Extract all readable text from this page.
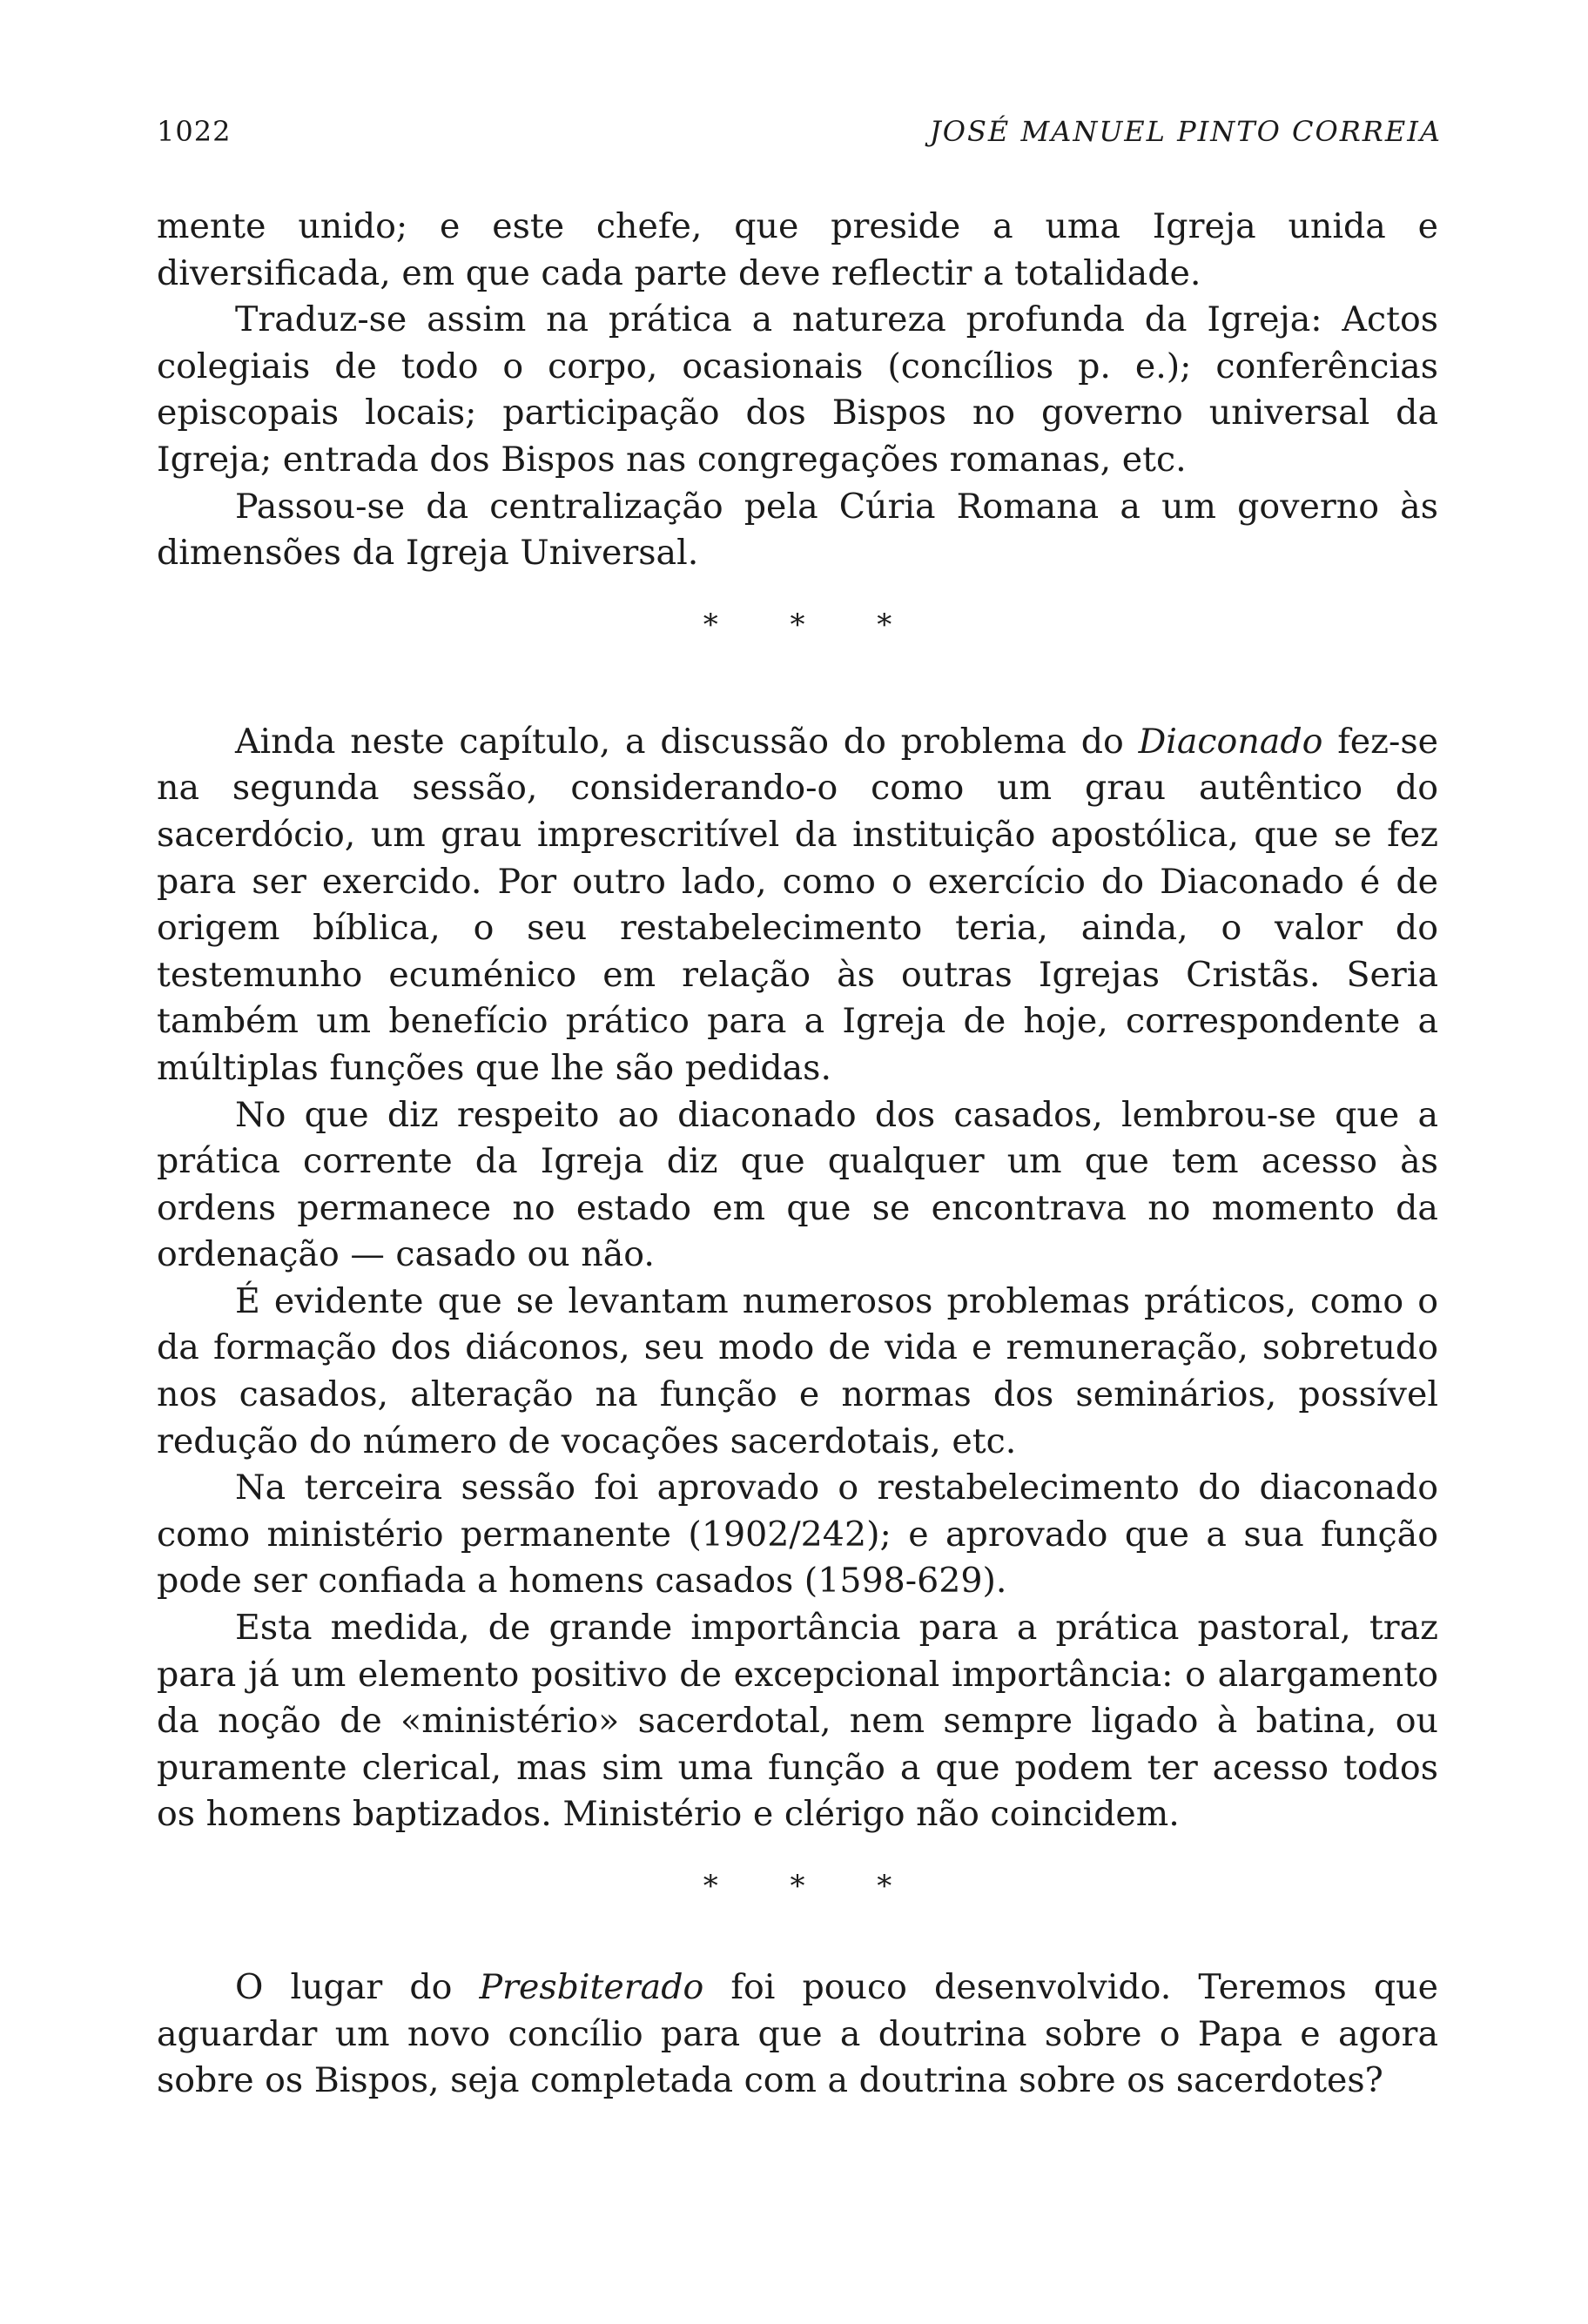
1022	JOSÉ MANUEL PINTO CORREIA

mente unido; e este chefe, que preside a uma Igreja unida e diversificada, em que cada parte deve reflectir a totalidade.

Traduz-se assim na prática a natureza profunda da Igreja: Actos colegiais de todo o corpo, ocasionais (concílios p. e.); conferências episcopais locais; participação dos Bispos no governo universal da Igreja; entrada dos Bispos nas congregações romanas, etc.

Passou-se da centralização pela Cúria Romana a um governo às dimensões da Igreja Universal.

* * *

Ainda neste capítulo, a discussão do problema do Diaconado fez-se na segunda sessão, considerando-o como um grau autêntico do sacerdócio, um grau imprescritível da instituição apostólica, que se fez para ser exercido. Por outro lado, como o exercício do Diaconado é de origem bíblica, o seu restabelecimento teria, ainda, o valor do testemunho ecuménico em relação às outras Igrejas Cristãs. Seria também um benefício prático para a Igreja de hoje, correspondente a múltiplas funções que lhe são pedidas.

No que diz respeito ao diaconado dos casados, lembrou-se que a prática corrente da Igreja diz que qualquer um que tem acesso às ordens permanece no estado em que se encontrava no momento da ordenação — casado ou não.

É evidente que se levantam numerosos problemas práticos, como o da formação dos diáconos, seu modo de vida e remuneração, sobretudo nos casados, alteração na função e normas dos seminários, possível redução do número de vocações sacerdotais, etc.

Na terceira sessão foi aprovado o restabelecimento do diaconado como ministério permanente (1902/242); e aprovado que a sua função pode ser confiada a homens casados (1598-629).

Esta medida, de grande importância para a prática pastoral, traz para já um elemento positivo de excepcional importância: o alargamento da noção de «ministério» sacerdotal, nem sempre ligado à batina, ou puramente clerical, mas sim uma função a que podem ter acesso todos os homens baptizados. Ministério e clérigo não coincidem.

* * *

O lugar do Presbiterado foi pouco desenvolvido. Teremos que aguardar um novo concílio para que a doutrina sobre o Papa e agora sobre os Bispos, seja completada com a doutrina sobre os sacerdotes?
